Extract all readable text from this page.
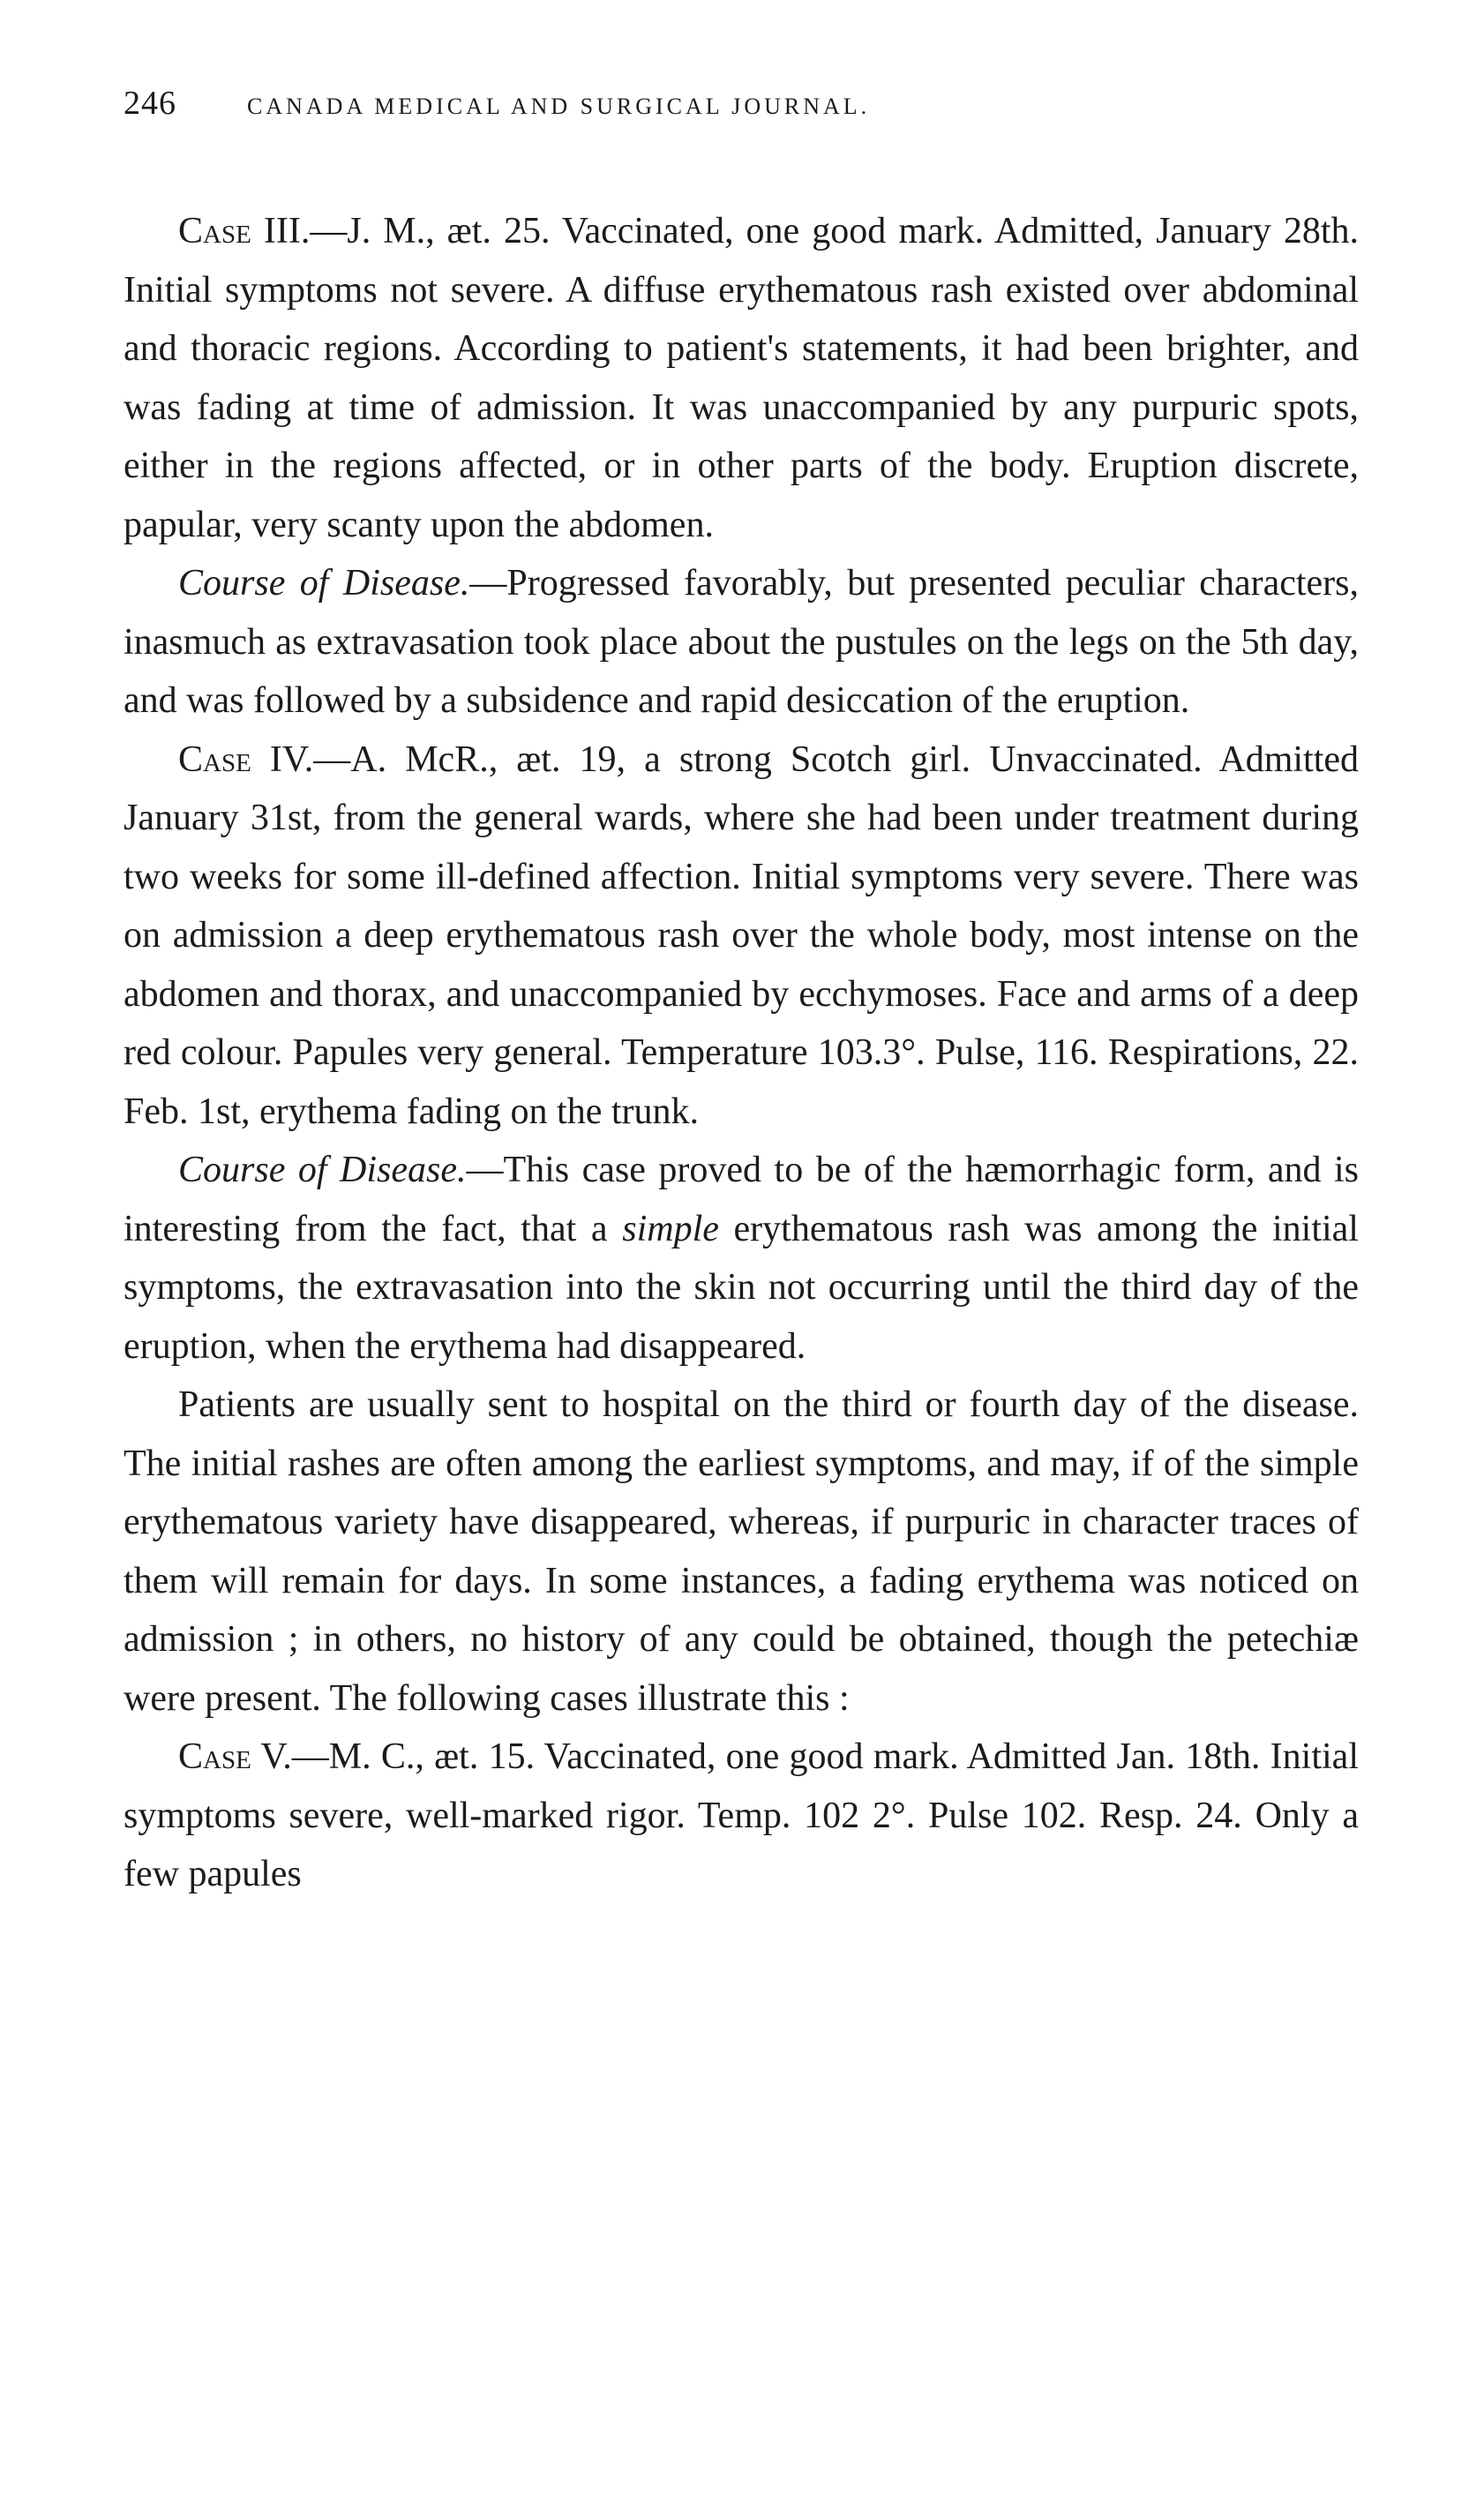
246	CANADA MEDICAL AND SURGICAL JOURNAL.

Case III.—J. M., æt. 25. Vaccinated, one good mark. Admitted, January 28th. Initial symptoms not severe. A diffuse erythematous rash existed over abdominal and thoracic regions. According to patient's statements, it had been brighter, and was fading at time of admission. It was unaccompanied by any purpuric spots, either in the regions affected, or in other parts of the body. Eruption discrete, papular, very scanty upon the abdomen.

Course of Disease.—Progressed favorably, but presented peculiar characters, inasmuch as extravasation took place about the pustules on the legs on the 5th day, and was followed by a subsidence and rapid desiccation of the eruption.

Case IV.—A. McR., æt. 19, a strong Scotch girl. Unvaccinated. Admitted January 31st, from the general wards, where she had been under treatment during two weeks for some ill-defined affection. Initial symptoms very severe. There was on admission a deep erythematous rash over the whole body, most intense on the abdomen and thorax, and unaccompanied by ecchymoses. Face and arms of a deep red colour. Papules very general. Temperature 103.3°. Pulse, 116. Respirations, 22. Feb. 1st, erythema fading on the trunk.

Course of Disease.—This case proved to be of the hæmorrhagic form, and is interesting from the fact, that a simple erythematous rash was among the initial symptoms, the extravasation into the skin not occurring until the third day of the eruption, when the erythema had disappeared.

Patients are usually sent to hospital on the third or fourth day of the disease. The initial rashes are often among the earliest symptoms, and may, if of the simple erythematous variety have disappeared, whereas, if purpuric in character traces of them will remain for days. In some instances, a fading erythema was noticed on admission ; in others, no history of any could be obtained, though the petechiæ were present. The following cases illustrate this :

Case V.—M. C., æt. 15. Vaccinated, one good mark. Admitted Jan. 18th. Initial symptoms severe, well-marked rigor. Temp. 102 2°. Pulse 102. Resp. 24. Only a few papules
